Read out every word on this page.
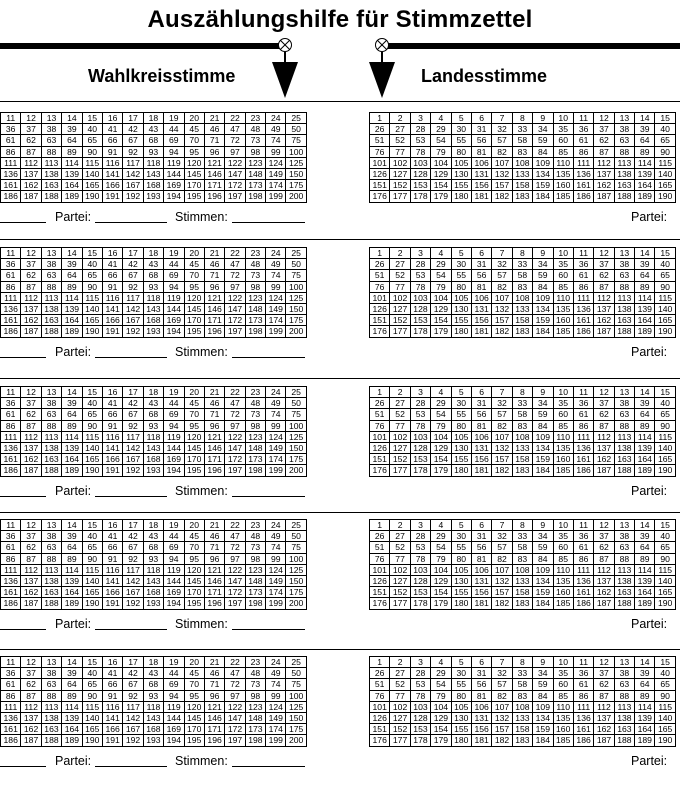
Auszählungshilfe für Stimmzettel
Wahlkreisstimme	Landesstimme
11	12	13	14	15	16	17	18	19	20	21	22	23	24	25
36	37	38	39	40	41	42	43	44	45	46	47	48	49	50
61	62	63	64	65	66	67	68	69	70	71	72	73	74	75
86	87	88	89	90	91	92	93	94	95	96	97	98	99	100
111	112	113	114	115	116	117	118	119	120	121	122	123	124	125
136	137	138	139	140	141	142	143	144	145	146	147	148	149	150
161	162	163	164	165	166	167	168	169	170	171	172	173	174	175
186	187	188	189	190	191	192	193	194	195	196	197	198	199	200
1	2	3	4	5	6	7	8	9	10	11	12	13	14	15
26	27	28	29	30	31	32	33	34	35	36	37	38	39	40
51	52	53	54	55	56	57	58	59	60	61	62	63	64	65
76	77	78	79	80	81	82	83	84	85	86	87	88	89	90
101	102	103	104	105	106	107	108	109	110	111	112	113	114	115
126	127	128	129	130	131	132	133	134	135	136	137	138	139	140
151	152	153	154	155	156	157	158	159	160	161	162	163	164	165
176	177	178	179	180	181	182	183	184	185	186	187	188	189	190
Partei:	Stimmen:	Partei:
11	12	13	14	15	16	17	18	19	20	21	22	23	24	25
36	37	38	39	40	41	42	43	44	45	46	47	48	49	50
61	62	63	64	65	66	67	68	69	70	71	72	73	74	75
86	87	88	89	90	91	92	93	94	95	96	97	98	99	100
111	112	113	114	115	116	117	118	119	120	121	122	123	124	125
136	137	138	139	140	141	142	143	144	145	146	147	148	149	150
161	162	163	164	165	166	167	168	169	170	171	172	173	174	175
186	187	188	189	190	191	192	193	194	195	196	197	198	199	200
1	2	3	4	5	6	7	8	9	10	11	12	13	14	15
26	27	28	29	30	31	32	33	34	35	36	37	38	39	40
51	52	53	54	55	56	57	58	59	60	61	62	63	64	65
76	77	78	79	80	81	82	83	84	85	86	87	88	89	90
101	102	103	104	105	106	107	108	109	110	111	112	113	114	115
126	127	128	129	130	131	132	133	134	135	136	137	138	139	140
151	152	153	154	155	156	157	158	159	160	161	162	163	164	165
176	177	178	179	180	181	182	183	184	185	186	187	188	189	190
Partei:	Stimmen:	Partei:
11	12	13	14	15	16	17	18	19	20	21	22	23	24	25
36	37	38	39	40	41	42	43	44	45	46	47	48	49	50
61	62	63	64	65	66	67	68	69	70	71	72	73	74	75
86	87	88	89	90	91	92	93	94	95	96	97	98	99	100
111	112	113	114	115	116	117	118	119	120	121	122	123	124	125
136	137	138	139	140	141	142	143	144	145	146	147	148	149	150
161	162	163	164	165	166	167	168	169	170	171	172	173	174	175
186	187	188	189	190	191	192	193	194	195	196	197	198	199	200
1	2	3	4	5	6	7	8	9	10	11	12	13	14	15
26	27	28	29	30	31	32	33	34	35	36	37	38	39	40
51	52	53	54	55	56	57	58	59	60	61	62	63	64	65
76	77	78	79	80	81	82	83	84	85	86	87	88	89	90
101	102	103	104	105	106	107	108	109	110	111	112	113	114	115
126	127	128	129	130	131	132	133	134	135	136	137	138	139	140
151	152	153	154	155	156	157	158	159	160	161	162	163	164	165
176	177	178	179	180	181	182	183	184	185	186	187	188	189	190
Partei:	Stimmen:	Partei:
11	12	13	14	15	16	17	18	19	20	21	22	23	24	25
36	37	38	39	40	41	42	43	44	45	46	47	48	49	50
61	62	63	64	65	66	67	68	69	70	71	72	73	74	75
86	87	88	89	90	91	92	93	94	95	96	97	98	99	100
111	112	113	114	115	116	117	118	119	120	121	122	123	124	125
136	137	138	139	140	141	142	143	144	145	146	147	148	149	150
161	162	163	164	165	166	167	168	169	170	171	172	173	174	175
186	187	188	189	190	191	192	193	194	195	196	197	198	199	200
1	2	3	4	5	6	7	8	9	10	11	12	13	14	15
26	27	28	29	30	31	32	33	34	35	36	37	38	39	40
51	52	53	54	55	56	57	58	59	60	61	62	63	64	65
76	77	78	79	80	81	82	83	84	85	86	87	88	89	90
101	102	103	104	105	106	107	108	109	110	111	112	113	114	115
126	127	128	129	130	131	132	133	134	135	136	137	138	139	140
151	152	153	154	155	156	157	158	159	160	161	162	163	164	165
176	177	178	179	180	181	182	183	184	185	186	187	188	189	190
Partei:	Stimmen:	Partei:
11	12	13	14	15	16	17	18	19	20	21	22	23	24	25
36	37	38	39	40	41	42	43	44	45	46	47	48	49	50
61	62	63	64	65	66	67	68	69	70	71	72	73	74	75
86	87	88	89	90	91	92	93	94	95	96	97	98	99	100
111	112	113	114	115	116	117	118	119	120	121	122	123	124	125
136	137	138	139	140	141	142	143	144	145	146	147	148	149	150
161	162	163	164	165	166	167	168	169	170	171	172	173	174	175
186	187	188	189	190	191	192	193	194	195	196	197	198	199	200
1	2	3	4	5	6	7	8	9	10	11	12	13	14	15
26	27	28	29	30	31	32	33	34	35	36	37	38	39	40
51	52	53	54	55	56	57	58	59	60	61	62	63	64	65
76	77	78	79	80	81	82	83	84	85	86	87	88	89	90
101	102	103	104	105	106	107	108	109	110	111	112	113	114	115
126	127	128	129	130	131	132	133	134	135	136	137	138	139	140
151	152	153	154	155	156	157	158	159	160	161	162	163	164	165
176	177	178	179	180	181	182	183	184	185	186	187	188	189	190
Partei:	Stimmen:	Partei:
